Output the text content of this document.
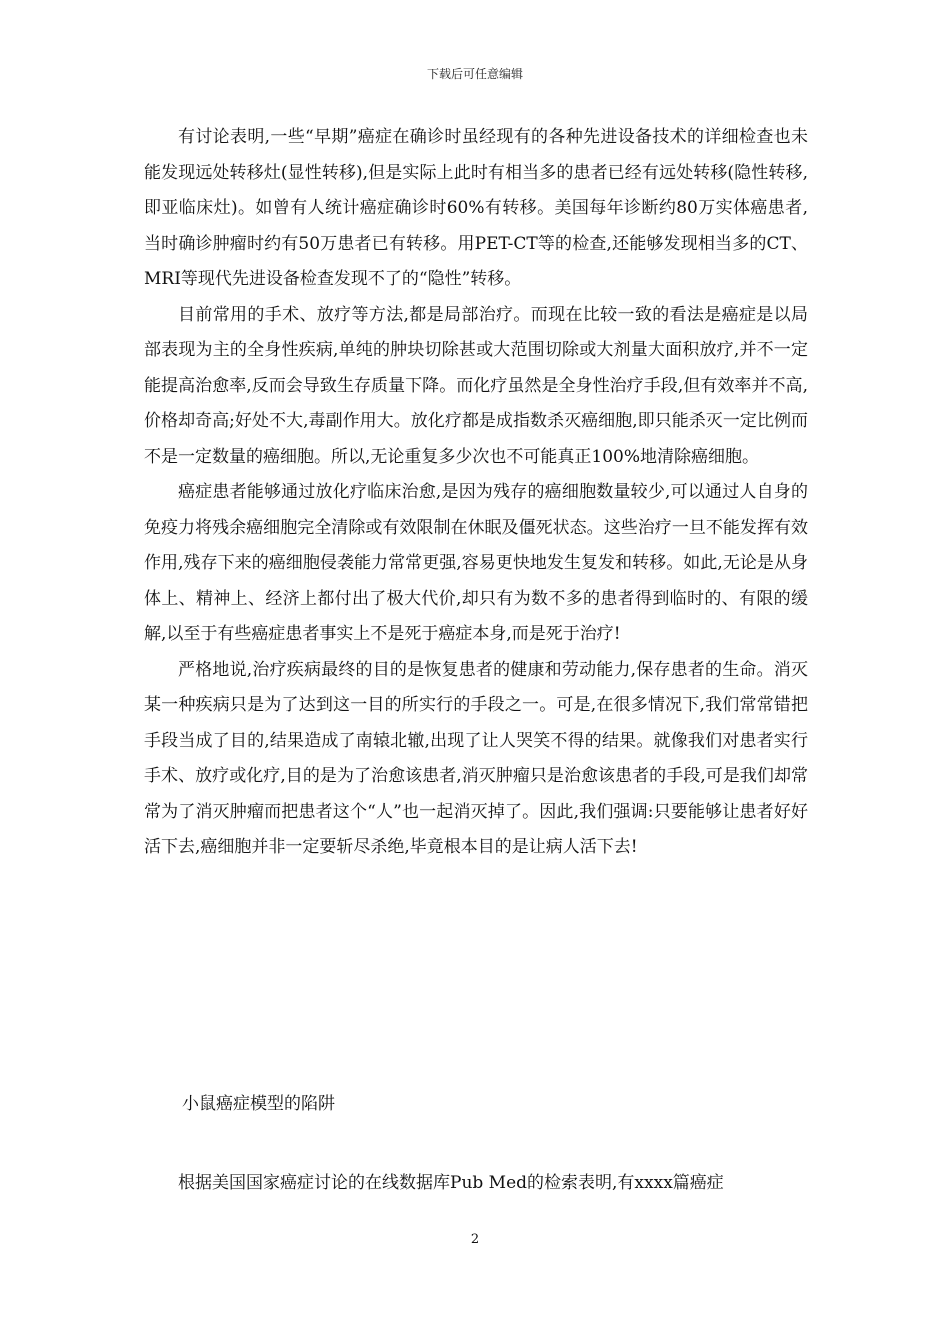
下载后可任意编辑

有讨论表明,一些“早期”癌症在确诊时虽经现有的各种先进设备技术的详细检查也未能发现远处转移灶(显性转移),但是实际上此时有相当多的患者已经有远处转移(隐性转移,即亚临床灶)。如曾有人统计癌症确诊时60%有转移。美国每年诊断约80万实体癌患者,当时确诊肿瘤时约有50万患者已有转移。用PET-CT等的检查,还能够发现相当多的CT、MRI等现代先进设备检查发现不了的“隐性”转移。

目前常用的手术、放疗等方法,都是局部治疗。而现在比较一致的看法是癌症是以局部表现为主的全身性疾病,单纯的肿块切除甚或大范围切除或大剂量大面积放疗,并不一定能提高治愈率,反而会导致生存质量下降。而化疗虽然是全身性治疗手段,但有效率并不高,价格却奇高;好处不大,毒副作用大。放化疗都是成指数杀灭癌细胞,即只能杀灭一定比例而不是一定数量的癌细胞。所以,无论重复多少次也不可能真正100%地清除癌细胞。

癌症患者能够通过放化疗临床治愈,是因为残存的癌细胞数量较少,可以通过人自身的免疫力将残余癌细胞完全清除或有效限制在休眠及僵死状态。这些治疗一旦不能发挥有效作用,残存下来的癌细胞侵袭能力常常更强,容易更快地发生复发和转移。如此,无论是从身体上、精神上、经济上都付出了极大代价,却只有为数不多的患者得到临时的、有限的缓解,以至于有些癌症患者事实上不是死于癌症本身,而是死于治疗!

严格地说,治疗疾病最终的目的是恢复患者的健康和劳动能力,保存患者的生命。消灭某一种疾病只是为了达到这一目的所实行的手段之一。可是,在很多情况下,我们常常错把手段当成了目的,结果造成了南辕北辙,出现了让人哭笑不得的结果。就像我们对患者实行手术、放疗或化疗,目的是为了治愈该患者,消灭肿瘤只是治愈该患者的手段,可是我们却常常为了消灭肿瘤而把患者这个“人”也一起消灭掉了。因此,我们强调:只要能够让患者好好活下去,癌细胞并非一定要斩尽杀绝,毕竟根本目的是让病人活下去!

小鼠癌症模型的陷阱

根据美国国家癌症讨论的在线数据库Pub Med的检索表明,有xxxx篇癌症

2
